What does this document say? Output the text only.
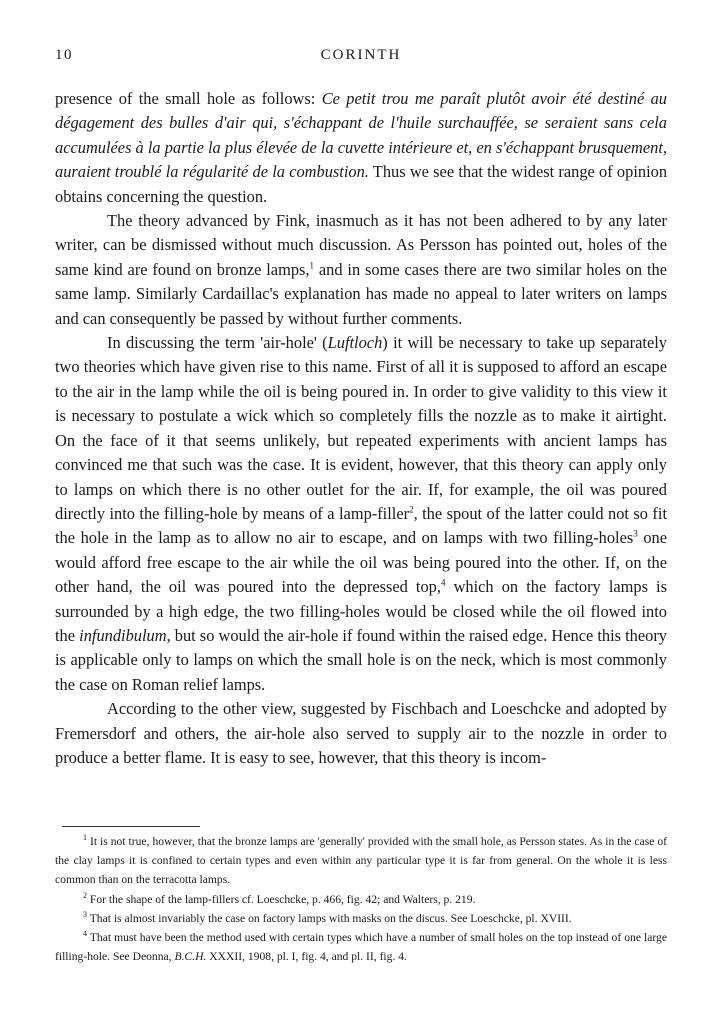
10	CORINTH

presence of the small hole as follows: Ce petit trou me paraît plutôt avoir été destiné au dégagement des bulles d'air qui, s'échappant de l'huile surchauffée, se seraient sans cela accumulées à la partie la plus élevée de la cuvette intérieure et, en s'échappant brusquement, auraient troublé la régularité de la combustion. Thus we see that the widest range of opinion obtains concerning the question.

The theory advanced by Fink, inasmuch as it has not been adhered to by any later writer, can be dismissed without much discussion. As Persson has pointed out, holes of the same kind are found on bronze lamps,$^1$ and in some cases there are two similar holes on the same lamp. Similarly Cardaillac's explanation has made no appeal to later writers on lamps and can consequently be passed by without further comments.

In discussing the term 'air-hole' (Luftloch) it will be necessary to take up separately two theories which have given rise to this name. First of all it is supposed to afford an escape to the air in the lamp while the oil is being poured in. In order to give validity to this view it is necessary to postulate a wick which so completely fills the nozzle as to make it airtight. On the face of it that seems unlikely, but repeated experiments with ancient lamps has convinced me that such was the case. It is evident, however, that this theory can apply only to lamps on which there is no other outlet for the air. If, for example, the oil was poured directly into the filling-hole by means of a lamp-filler$^2$, the spout of the latter could not so fit the hole in the lamp as to allow no air to escape, and on lamps with two filling-holes$^3$ one would afford free escape to the air while the oil was being poured into the other. If, on the other hand, the oil was poured into the depressed top,$^4$ which on the factory lamps is surrounded by a high edge, the two filling-holes would be closed while the oil flowed into the infundibulum, but so would the air-hole if found within the raised edge. Hence this theory is applicable only to lamps on which the small hole is on the neck, which is most commonly the case on Roman relief lamps.

According to the other view, suggested by Fischbach and Loeschcke and adopted by Fremersdorf and others, the air-hole also served to supply air to the nozzle in order to produce a better flame. It is easy to see, however, that this theory is incom-

$^1$ It is not true, however, that the bronze lamps are 'generally' provided with the small hole, as Persson states. As in the case of the clay lamps it is confined to certain types and even within any particular type it is far from general. On the whole it is less common than on the terracotta lamps.

$^2$ For the shape of the lamp-fillers cf. Loeschcke, p. 466, fig. 42; and Walters, p. 219.

$^3$ That is almost invariably the case on factory lamps with masks on the discus. See Loeschcke, pl. XVIII.

$^4$ That must have been the method used with certain types which have a number of small holes on the top instead of one large filling-hole. See Deonna, B.C.H. XXXII, 1908, pl. I, fig. 4, and pl. II, fig. 4.
